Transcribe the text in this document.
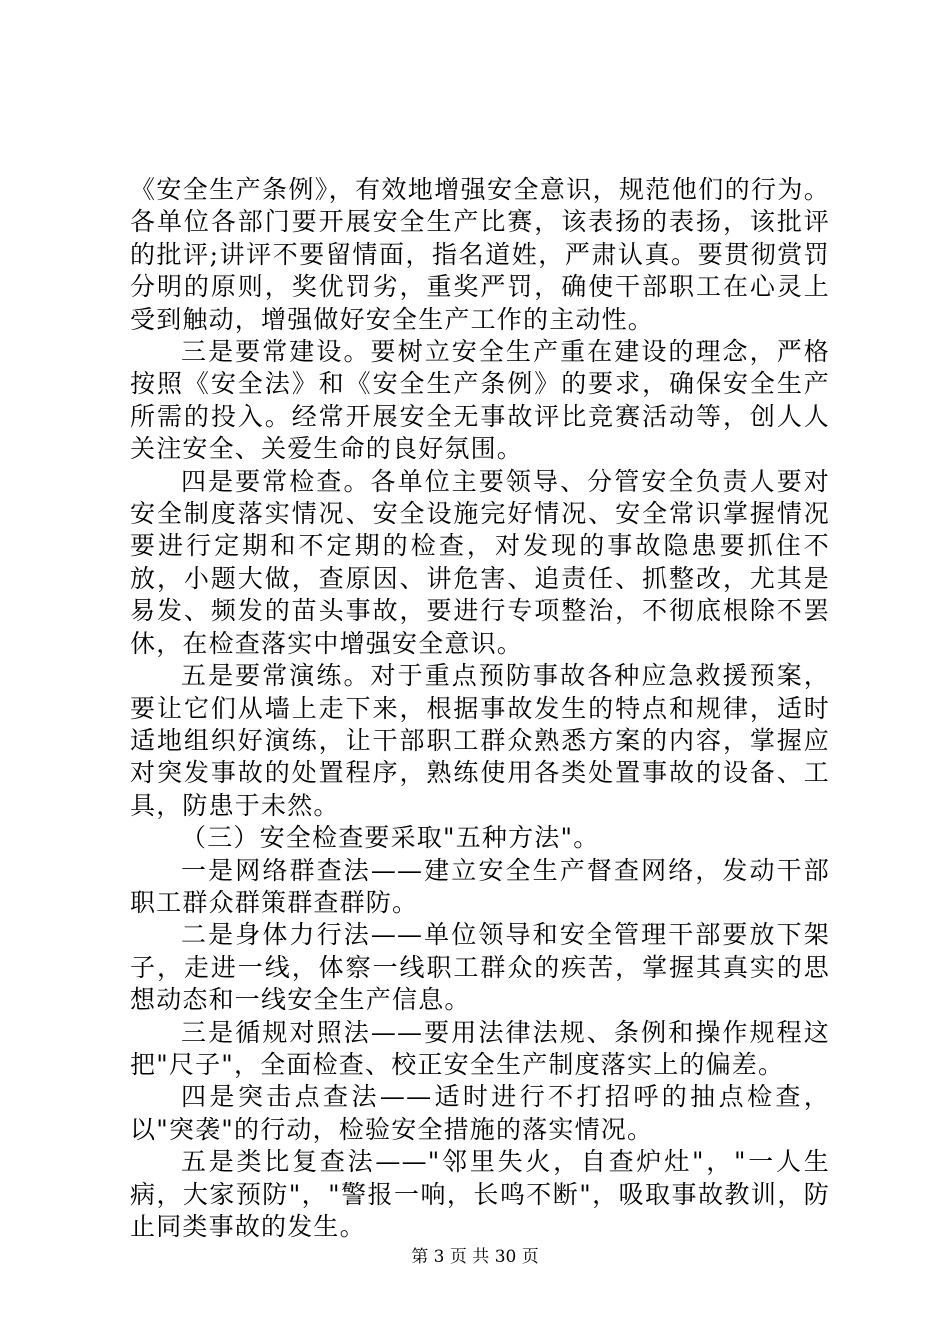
《安全生产条例》，有效地增强安全意识，规范他们的行为。各单位各部门要开展安全生产比赛，该表扬的表扬，该批评的批评;讲评不要留情面，指名道姓，严肃认真。要贯彻赏罚分明的原则，奖优罚劣，重奖严罚，确使干部职工在心灵上受到触动，增强做好安全生产工作的主动性。

三是要常建设。要树立安全生产重在建设的理念，严格按照《安全法》和《安全生产条例》的要求，确保安全生产所需的投入。经常开展安全无事故评比竞赛活动等，创人人关注安全、关爱生命的良好氛围。

四是要常检查。各单位主要领导、分管安全负责人要对安全制度落实情况、安全设施完好情况、安全常识掌握情况要进行定期和不定期的检查，对发现的事故隐患要抓住不放，小题大做，查原因、讲危害、追责任、抓整改，尤其是易发、频发的苗头事故，要进行专项整治，不彻底根除不罢休，在检查落实中增强安全意识。

五是要常演练。对于重点预防事故各种应急救援预案，要让它们从墙上走下来，根据事故发生的特点和规律，适时适地组织好演练，让干部职工群众熟悉方案的内容，掌握应对突发事故的处置程序，熟练使用各类处置事故的设备、工具，防患于未然。

（三）安全检查要采取"五种方法"。

一是网络群查法——建立安全生产督查网络，发动干部职工群众群策群查群防。

二是身体力行法——单位领导和安全管理干部要放下架子，走进一线，体察一线职工群众的疾苦，掌握其真实的思想动态和一线安全生产信息。

三是循规对照法——要用法律法规、条例和操作规程这把"尺子"，全面检查、校正安全生产制度落实上的偏差。

四是突击点查法——适时进行不打招呼的抽点检查，以"突袭"的行动，检验安全措施的落实情况。

五是类比复查法——"邻里失火，自查炉灶"，"一人生病，大家预防"，"警报一响，长鸣不断"，吸取事故教训，防止同类事故的发生。

第 3 页 共 30 页
